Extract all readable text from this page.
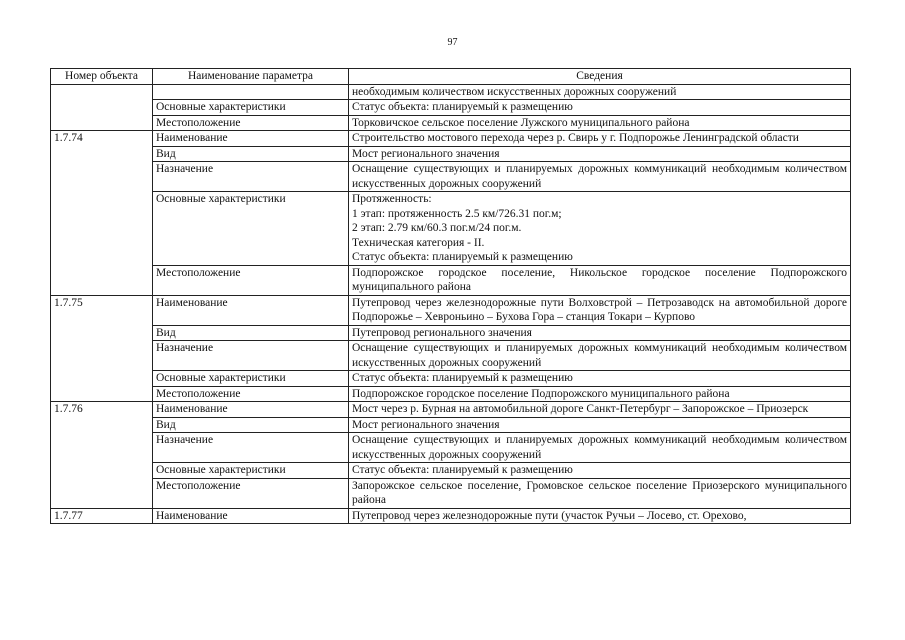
97
Номер объекта	Наименование параметра	Сведения

		необходимым количеством искусственных дорожных сооружений

	Основные характеристики	Статус объекта: планируемый к размещению

	Местоположение	Торковичское сельское поселение Лужского муниципального района

1.7.74	Наименование	Строительство мостового перехода через р. Свирь у г. Подпорожье Ленинградской области

	Вид	Мост регионального значения

	Назначение	Оснащение существующих и планируемых дорожных коммуникаций необходимым количеством искусственных дорожных сооружений

	Основные характеристики	Протяженность:
1 этап: протяженность 2.5 км/726.31 пог.м;
2 этап: 2.79 км/60.3 пог.м/24 пог.м.
Техническая категория - II.
Статус объекта: планируемый к размещению

	Местоположение	Подпорожское городское поселение, Никольское городское поселение Подпорожского муниципального района

1.7.75	Наименование	Путепровод через железнодорожные пути Волховстрой – Петрозаводск на автомобильной дороге Подпорожье – Хевроньино – Бухова Гора – станция Токари – Курпово

	Вид	Путепровод регионального значения

	Назначение	Оснащение существующих и планируемых дорожных коммуникаций необходимым количеством искусственных дорожных сооружений

	Основные характеристики	Статус объекта: планируемый к размещению

	Местоположение	Подпорожское городское поселение Подпорожского муниципального района

1.7.76	Наименование	Мост через р. Бурная на автомобильной дороге Санкт-Петербург – Запорожское – Приозерск

	Вид	Мост регионального значения

	Назначение	Оснащение существующих и планируемых дорожных коммуникаций необходимым количеством искусственных дорожных сооружений

	Основные характеристики	Статус объекта: планируемый к размещению

	Местоположение	Запорожское сельское поселение, Громовское сельское поселение Приозерского муниципального района

1.7.77	Наименование	Путепровод через железнодорожные пути (участок Ручьи – Лосево, ст. Орехово,
